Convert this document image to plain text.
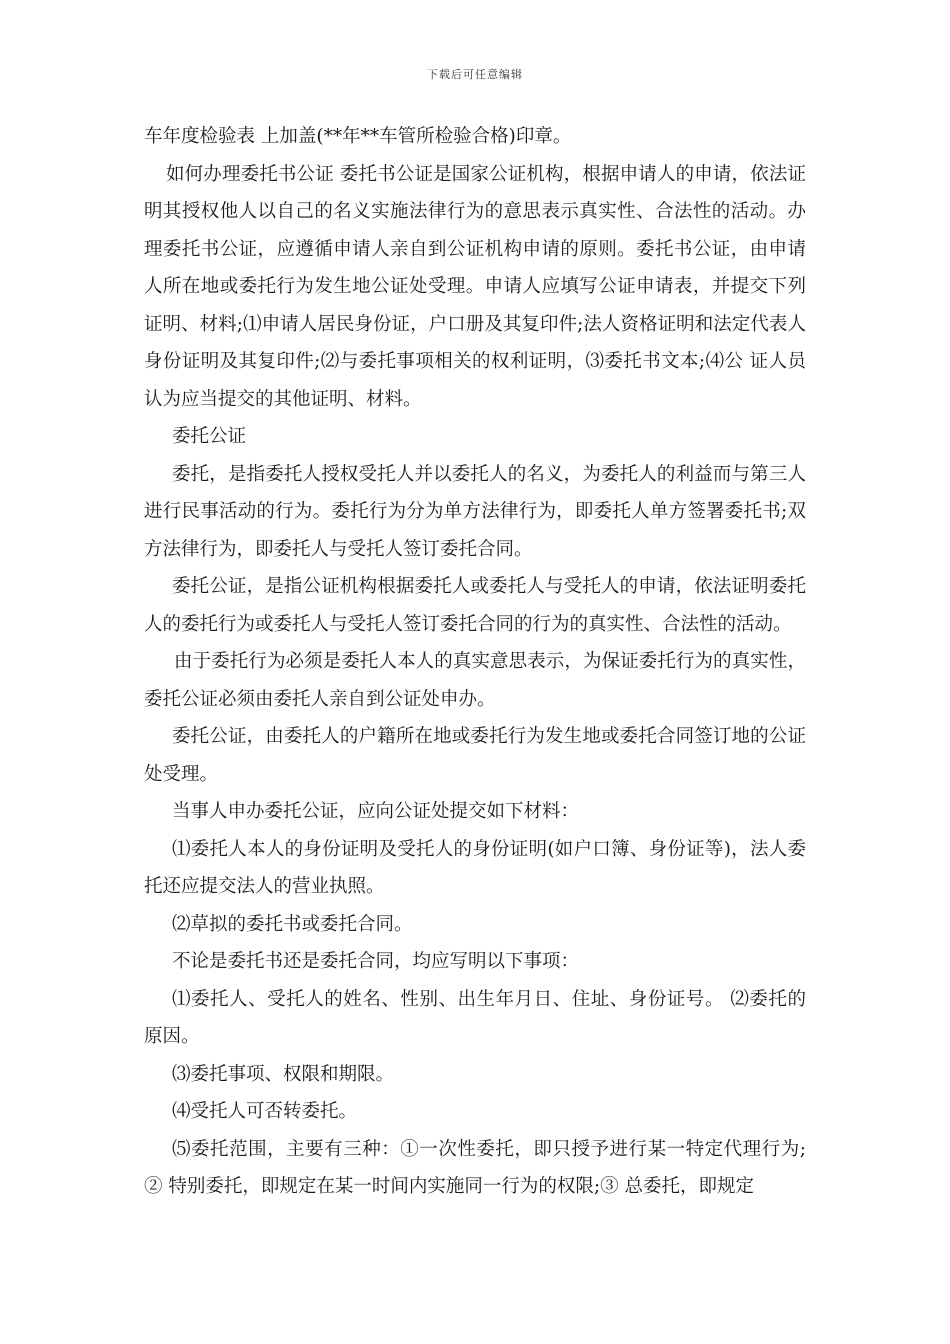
下载后可任意编辑

车年度检验表 上加盖(**年**车管所检验合格)印章。

如何办理委托书公证 委托书公证是国家公证机构，根据申请人的申请，依法证明其授权他人以自己的名义实施法律行为的意思表示真实性、合法性的活动。办理委托书公证，应遵循申请人亲自到公证机构申请的原则。委托书公证，由申请人所在地或委托行为发生地公证处受理。申请人应填写公证申请表，并提交下列证明、材料;⑴申请人居民身份证，户口册及其复印件;法人资格证明和法定代表人身份证明及其复印件;⑵与委托事项相关的权利证明，⑶委托书文本;⑷公 证人员认为应当提交的其他证明、材料。

委托公证

委托，是指委托人授权受托人并以委托人的名义，为委托人的利益而与第三人进行民事活动的行为。委托行为分为单方法律行为，即委托人单方签署委托书;双方法律行为，即委托人与受托人签订委托合同。

委托公证，是指公证机构根据委托人或委托人与受托人的申请，依法证明委托人的委托行为或委托人与受托人签订委托合同的行为的真实性、合法性的活动。

由于委托行为必须是委托人本人的真实意思表示，为保证委托行为的真实性，委托公证必须由委托人亲自到公证处申办。

委托公证，由委托人的户籍所在地或委托行为发生地或委托合同签订地的公证处受理。

当事人申办委托公证，应向公证处提交如下材料：

⑴委托人本人的身份证明及受托人的身份证明(如户口簿、身份证等)，法人委托还应提交法人的营业执照。

⑵草拟的委托书或委托合同。

不论是委托书还是委托合同，均应写明以下事项：

⑴委托人、受托人的姓名、性别、出生年月日、住址、身份证号。 ⑵委托的原因。

⑶委托事项、权限和期限。

⑷受托人可否转委托。

⑸委托范围，主要有三种：①一次性委托，即只授予进行某一特定代理行为;② 特别委托，即规定在某一时间内实施同一行为的权限;③ 总委托，即规定
